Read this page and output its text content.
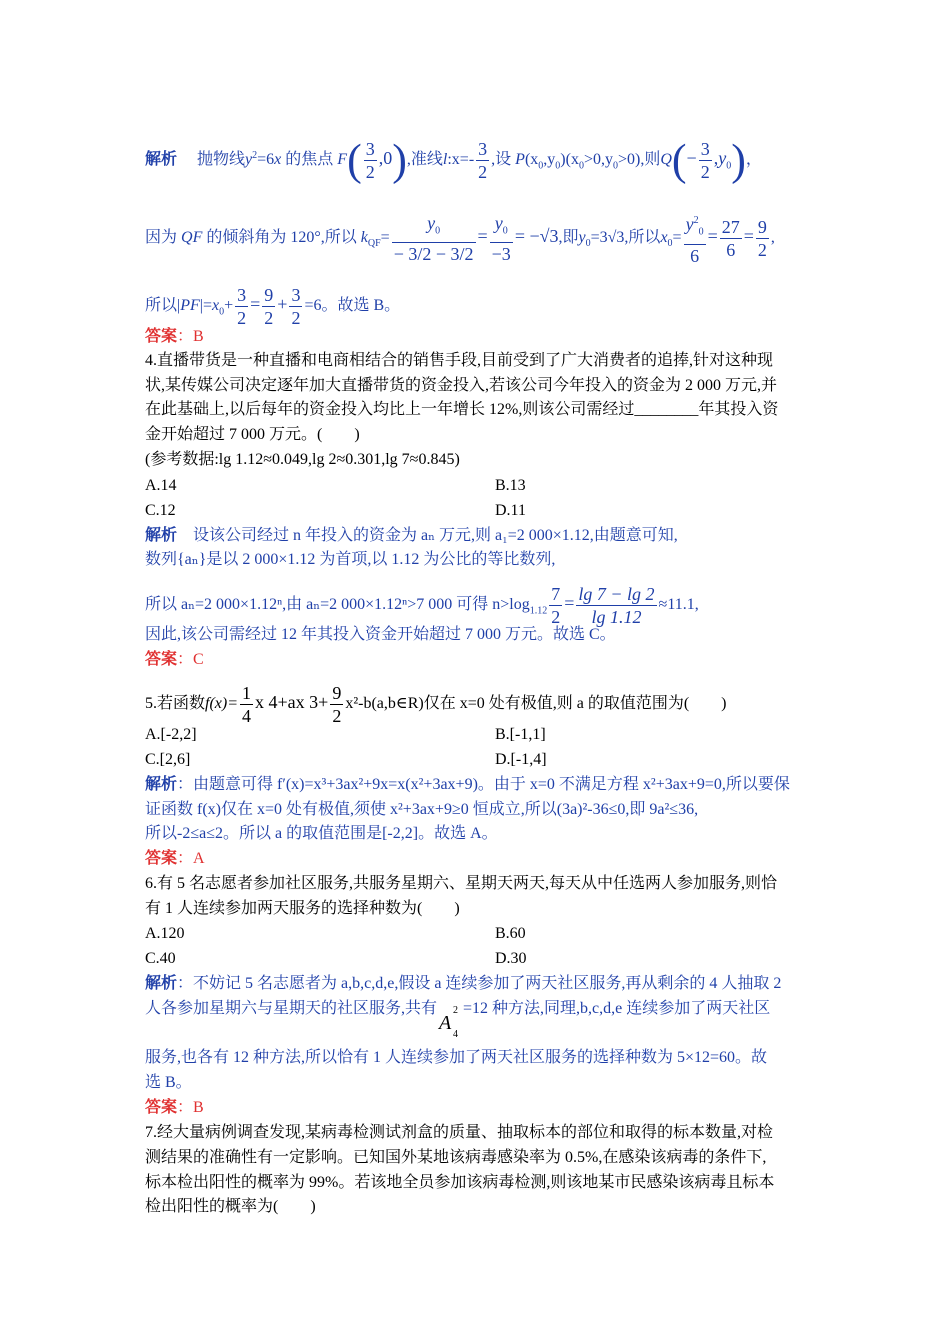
解析 抛物线$y^2=6x$ 的焦点 $F( \frac{3}{2} ,0)$,准线l:x=- $\frac{3}{2}$ ,设 $P(x_0,y_0)(x_0>0,y_0>0)$,则$Q(- \frac{3}{2} ,y_0)$，
因为 QF 的倾斜角为 120°,所以 $k_{QF}= \frac{y_0}{- 3/2 - 3/2} = \frac{y_0}{-3} = -√3$,即$y_0=3√3$,所以$x_0= \frac{y^2_0}{6} = \frac{27}{6} = \frac{9}{2}$ ,
所以$|PF|=x_0+ \frac{3}{2} = \frac{9}{2} + \frac{3}{2} =6$。故选 B。
答案：B
4.直播带货是一种直播和电商相结合的销售手段,目前受到了广大消费者的追捧,针对这种现
状,某传媒公司决定逐年加大直播带货的资金投入,若该公司今年投入的资金为 2 000 万元,并
在此基础上,以后每年的资金投入均比上一年增长 12%,则该公司需经过________年其投入资
金开始超过 7 000 万元。(　　)
(参考数据:lg 1.12≈0.049,lg 2≈0.301,lg 7≈0.845)
A.14	B.13
C.12	D.11
解析 设该公司经过 n 年投入的资金为 aₙ 万元,则 a₁=2 000×1.12,由题意可知,
数列{aₙ}是以 2 000×1.12 为首项,以 1.12 为公比的等比数列,
所以 aₙ=2 000×1.12ⁿ,由 aₙ=2 000×1.12ⁿ>7 000 可得 $n>\log_{1.12} \frac{7}{2} = \frac{\lg 7 - \lg 2}{\lg 1.12} \approx 11.1$,
因此,该公司需经过 12 年其投入资金开始超过 7 000 万元。故选 C。
答案：C
5.若函数$f(x)= \frac{1}{4}$ x 4+ax $3+ \frac{9}{2}$ x²-b(a,b∈R)仅在 x=0 处有极值,则 a 的取值范围为(　　)
A.[-2,2]	B.[-1,1]
C.[2,6]	D.[-1,4]
解析：由题意可得 f′(x)=x³+3ax²+9x=x(x²+3ax+9)。由于 x=0 不满足方程 x²+3ax+9=0,所以要保
证函数 f(x)仅在 x=0 处有极值,须使 x²+3ax+9≥0 恒成立,所以(3a)²-36≤0,即 9a²≤36,
所以-2≤a≤2。所以 a 的取值范围是[-2,2]。故选 A。
答案：A
6.有 5 名志愿者参加社区服务,共服务星期六、星期天两天,每天从中任选两人参加服务,则恰
有 1 人连续参加两天服务的选择种数为(　　)
A.120	B.60
C.40	D.30
解析：不妨记 5 名志愿者为 a,b,c,d,e,假设 a 连续参加了两天社区服务,再从剩余的 4 人抽取 2
人各参加星期六与星期天的社区服务,共有
A
2
4
=12 种方法,同理,b,c,d,e 连续参加了两天社区
服务,也各有 12 种方法,所以恰有 1 人连续参加了两天社区服务的选择种数为 5×12=60。故
选 B。
答案：B
7.经大量病例调查发现,某病毒检测试剂盒的质量、抽取标本的部位和取得的标本数量,对检
测结果的准确性有一定影响。已知国外某地该病毒感染率为 0.5%,在感染该病毒的条件下,
标本检出阳性的概率为 99%。若该地全员参加该病毒检测,则该地某市民感染该病毒且标本
检出阳性的概率为(　　)
